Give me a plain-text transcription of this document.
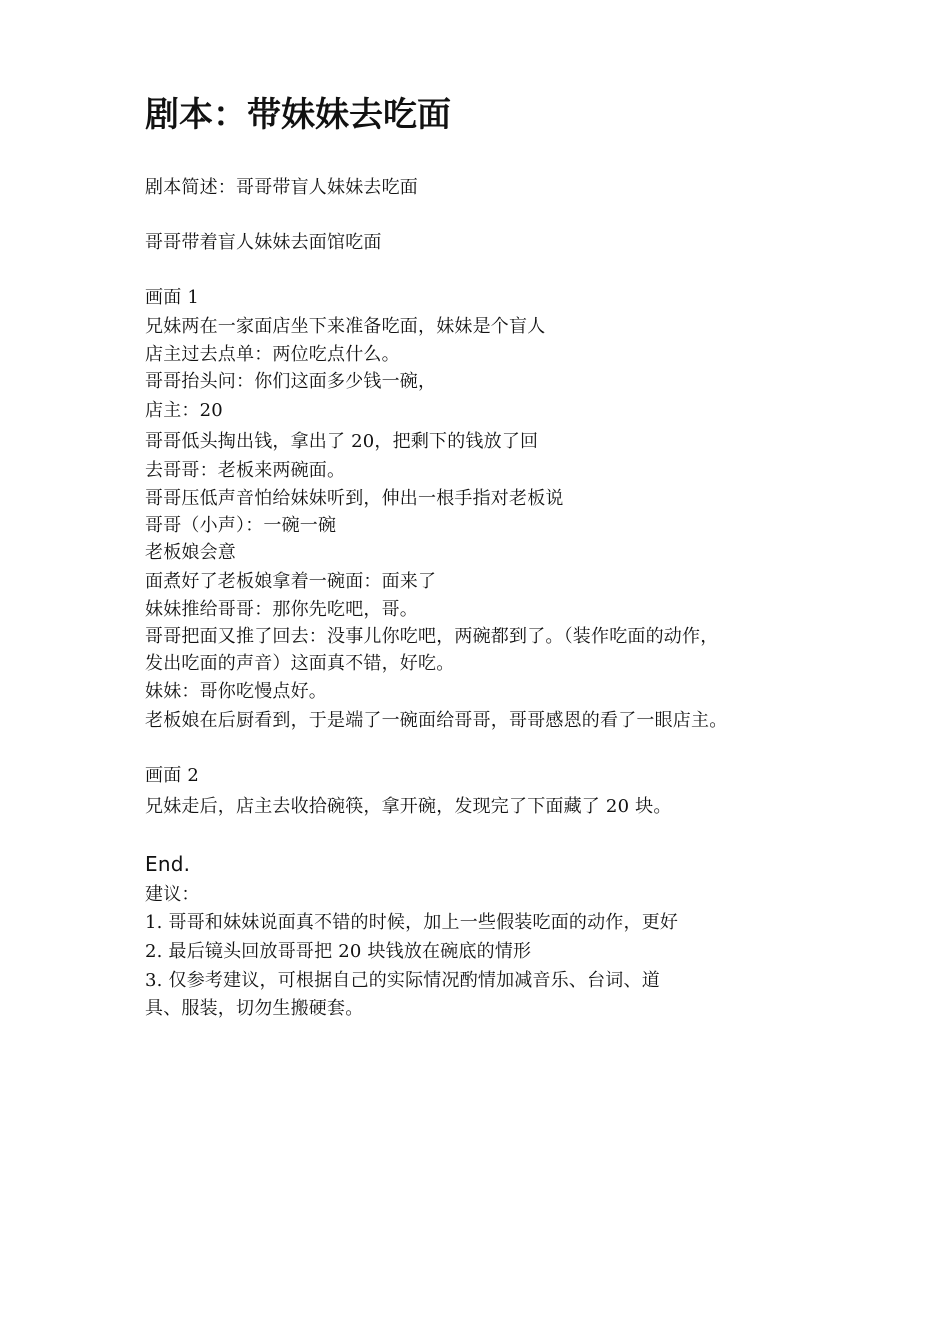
剧本：带妹妹去吃面
剧本简述：哥哥带盲人妹妹去吃面
哥哥带着盲人妹妹去面馆吃面
画面 1
兄妹两在一家面店坐下来准备吃面，妹妹是个盲人
店主过去点单：两位吃点什么。
哥哥抬头问：你们这面多少钱一碗，
店主：20
哥哥低头掏出钱，拿出了 20，把剩下的钱放了回
去哥哥：老板来两碗面。
哥哥压低声音怕给妹妹听到，伸出一根手指对老板说
哥哥（小声）：一碗一碗
老板娘会意
面煮好了老板娘拿着一碗面：面来了
妹妹推给哥哥：那你先吃吧，哥。
哥哥把面又推了回去：没事儿你吃吧，两碗都到了。（装作吃面的动作，
发出吃面的声音）这面真不错，好吃。
妹妹：哥你吃慢点好。
老板娘在后厨看到，于是端了一碗面给哥哥，哥哥感恩的看了一眼店主。
画面 2
兄妹走后，店主去收拾碗筷，拿开碗，发现完了下面藏了 20 块。
End.
建议：
1. 哥哥和妹妹说面真不错的时候，加上一些假装吃面的动作，更好
2. 最后镜头回放哥哥把 20 块钱放在碗底的情形
3. 仅参考建议，可根据自己的实际情况酌情加减音乐、台词、道
具、服装，切勿生搬硬套。
